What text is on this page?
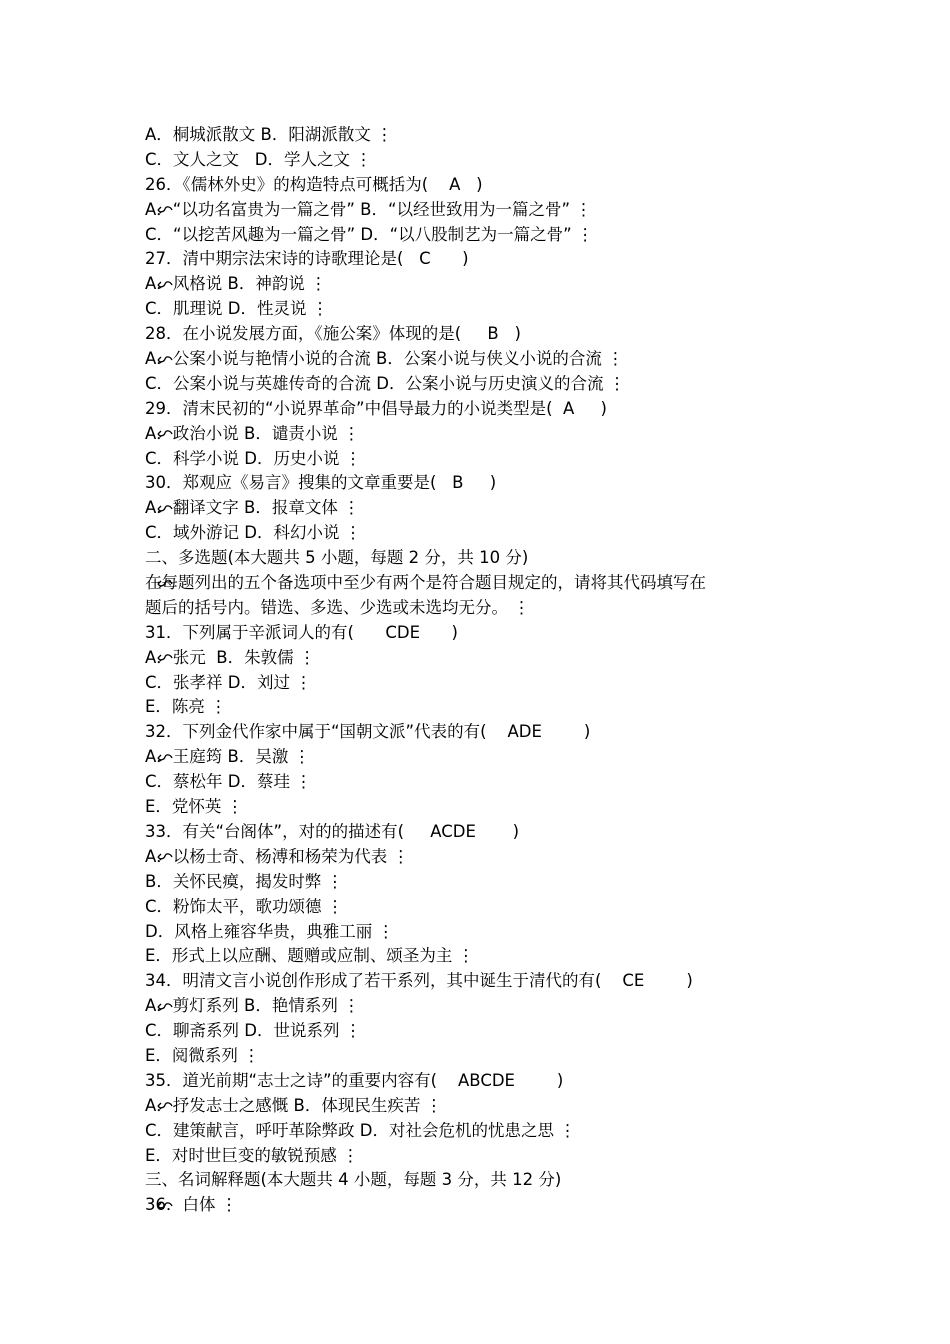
A．桐城派散文 B．阳湖派散文 ⋮
C．文人之文   D．学人之文 ⋮
26．《儒林外史》的构造特点可概括为(    A   )

A．“以功名富贵为一篇之骨” B．“以经世致用为一篇之骨” ⋮
C．“以挖苦风趣为一篇之骨” D．“以八股制艺为一篇之骨” ⋮
27．清中期宗法宋诗的诗歌理论是(   C      )

A．风格说 B．神韵说 ⋮
C．肌理说 D．性灵说 ⋮
28．在小说发展方面，《施公案》体现的是(     B   )

A．公案小说与艳情小说的合流 B．公案小说与侠义小说的合流 ⋮
C．公案小说与英雄传奇的合流 D．公案小说与历史演义的合流 ⋮
29．清末民初的“小说界革命”中倡导最力的小说类型是(  A     )

A．政治小说 B．谴责小说 ⋮
C．科学小说 D．历史小说 ⋮
30．郑观应《易言》搜集的文章重要是(   B     )

A．翻译文字 B．报章文体 ⋮
C．域外游记 D．科幻小说 ⋮
二、多选题(本大题共 5 小题，每题 2 分，共 10 分)

在每题列出的五个备选项中至少有两个是符合题目规定的，请将其代码填写在
题后的括号内。错选、多选、少选或未选均无分。 ⋮
31．下列属于辛派词人的有(      CDE      )

A．张元  B．朱敦儒 ⋮
C．张孝祥 D．刘过 ⋮
E．陈亮 ⋮
32．下列金代作家中属于“国朝文派”代表的有(    ADE        )

A．王庭筠 B．吴激 ⋮
C．蔡松年 D．蔡珪 ⋮
E．党怀英 ⋮
33．有关“台阁体”，对的的描述有(     ACDE       )

A．以杨士奇、杨溥和杨荣为代表 ⋮
B．关怀民瘼，揭发时弊 ⋮
C．粉饰太平，歌功颂德 ⋮
D．风格上雍容华贵，典雅工丽 ⋮
E．形式上以应酬、题赠或应制、颂圣为主 ⋮
34．明清文言小说创作形成了若干系列，其中诞生于清代的有(    CE        )

A．剪灯系列 B．艳情系列 ⋮
C．聊斋系列 D．世说系列 ⋮
E．阅微系列 ⋮
35．道光前期“志士之诗”的重要内容有(    ABCDE        )

A．抒发志士之感慨 B．体现民生疾苦 ⋮
C．建策献言，呼吁革除弊政 D．对社会危机的忧患之思 ⋮
E．对时世巨变的敏锐预感 ⋮
三、名词解释题(本大题共 4 小题，每题 3 分，共 12 分)

36．白体 ⋮
